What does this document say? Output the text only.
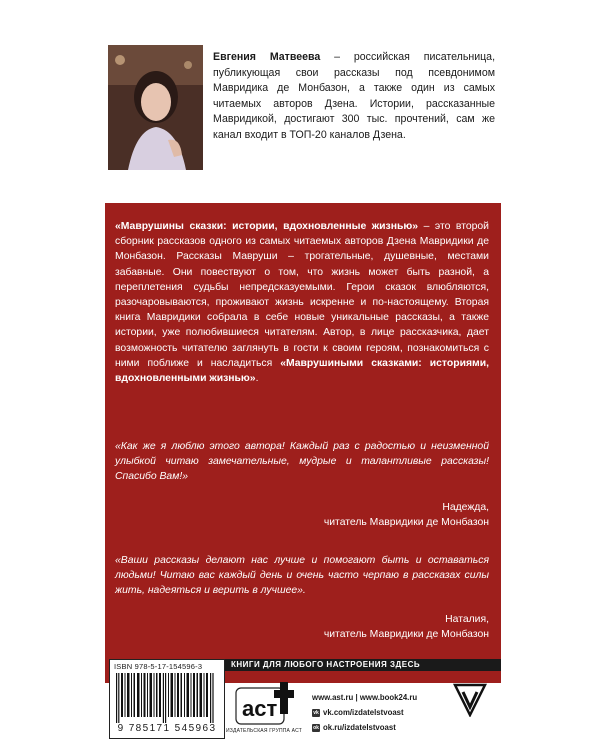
Евгения Матвеева – российская писательница, публикующая свои рассказы под псевдонимом Мавридика де Монбазон, а также один из самых читаемых авторов Дзена. Истории, рассказанные Мавридикой, достигают 300 тыс. прочтений, сам же канал входит в ТОП-20 каналов Дзена.
«Маврушины сказки: истории, вдохновленные жизнью» – это второй сборник рассказов одного из самых читаемых авторов Дзена Мавридики де Монбазон. Рассказы Мавруши – трогательные, душевные, местами забавные. Они повествуют о том, что жизнь может быть разной, а переплетения судьбы непредсказуемыми. Герои сказок влюбляются, разочаровываются, проживают жизнь искренне и по-настоящему. Вторая книга Мавридики собрала в себе новые уникальные рассказы, а также истории, уже полюбившиеся читателям. Автор, в лице рассказчика, дает возможность читателю заглянуть в гости к своим героям, познакомиться с ними поближе и насладиться «Маврушиными сказками: историями, вдохновленными жизнью».
«Как же я люблю этого автора! Каждый раз с радостью и неизменной улыбкой читаю замечательные, мудрые и талантливые рассказы! Спасибо Вам!»
Надежда,
читатель Мавридики де Монбазон
«Ваши рассказы делают нас лучше и помогают быть и оставаться людьми! Читаю вас каждый день и очень часто черпаю в рассказах силы жить, надеяться и верить в лучшее».
Наталия,
читатель Мавридики де Монбазон
ISBN 978-5-17-154596-3
9 785171 545963
КНИГИ ДЛЯ ЛЮБОГО НАСТРОЕНИЯ ЗДЕСЬ
аст
ИЗДАТЕЛЬСКАЯ ГРУППА АСТ
www.ast.ru | www.book24.ru
vk vk.com/izdatelstvoast
ok ok.ru/izdatelstvoast
